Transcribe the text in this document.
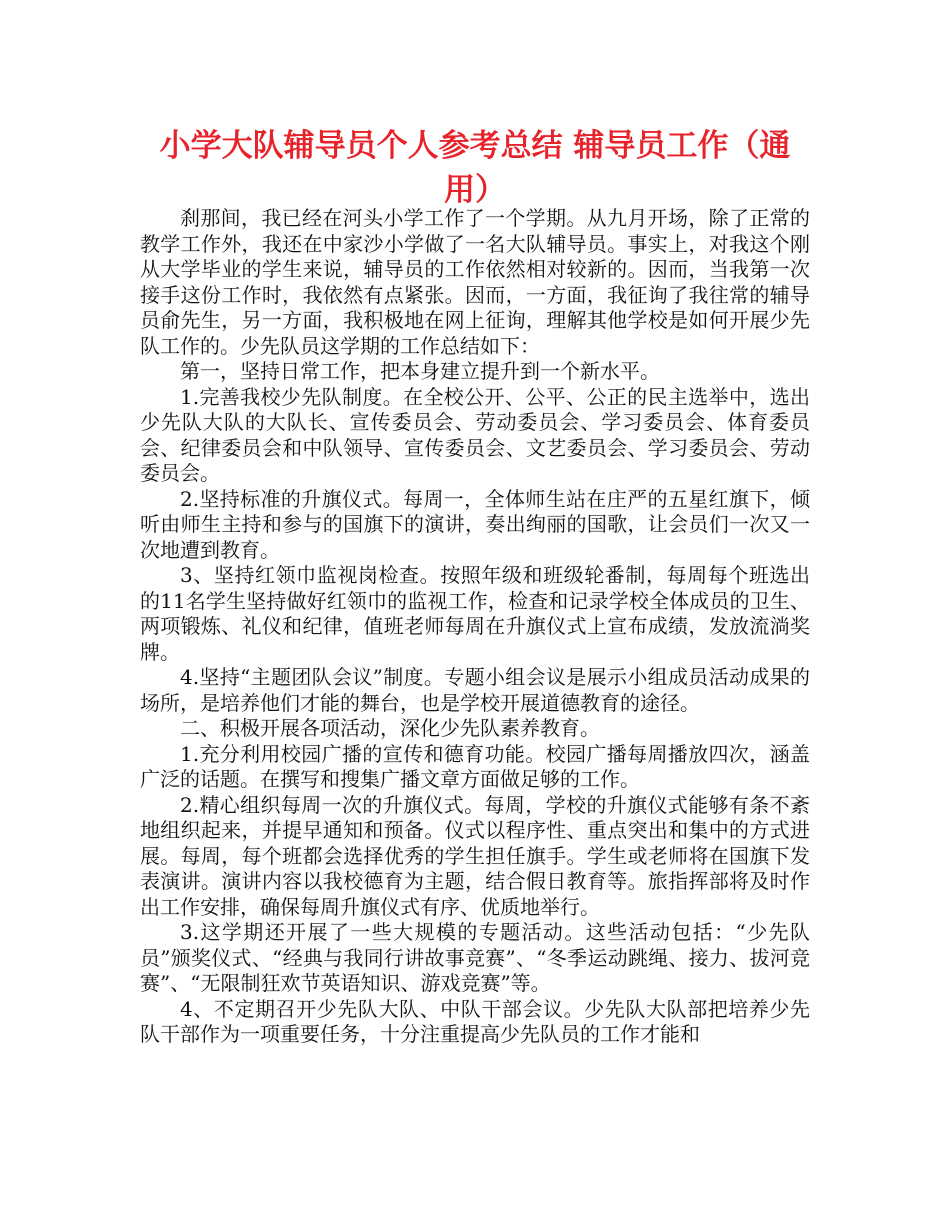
小学大队辅导员个人参考总结 辅导员工作（通用）

刹那间，我已经在河头小学工作了一个学期。从九月开场，除了正常的教学工作外，我还在中家沙小学做了一名大队辅导员。事实上，对我这个刚从大学毕业的学生来说，辅导员的工作依然相对较新的。因而，当我第一次接手这份工作时，我依然有点紧张。因而，一方面，我征询了我往常的辅导员俞先生，另一方面，我积极地在网上征询，理解其他学校是如何开展少先队工作的。少先队员这学期的工作总结如下：

第一，坚持日常工作，把本身建立提升到一个新水平。

1.完善我校少先队制度。在全校公开、公平、公正的民主选举中，选出少先队大队的大队长、宣传委员会、劳动委员会、学习委员会、体育委员会、纪律委员会和中队领导、宣传委员会、文艺委员会、学习委员会、劳动委员会。

2.坚持标准的升旗仪式。每周一，全体师生站在庄严的五星红旗下，倾听由师生主持和参与的国旗下的演讲，奏出绚丽的国歌，让会员们一次又一次地遭到教育。

3、坚持红领巾监视岗检查。按照年级和班级轮番制，每周每个班选出的11名学生坚持做好红领巾的监视工作，检查和记录学校全体成员的卫生、两项锻炼、礼仪和纪律，值班老师每周在升旗仪式上宣布成绩，发放流淌奖牌。

4.坚持“主题团队会议”制度。专题小组会议是展示小组成员活动成果的场所，是培养他们才能的舞台，也是学校开展道德教育的途径。

二、积极开展各项活动，深化少先队素养教育。

1.充分利用校园广播的宣传和德育功能。校园广播每周播放四次，涵盖广泛的话题。在撰写和搜集广播文章方面做足够的工作。

2.精心组织每周一次的升旗仪式。每周，学校的升旗仪式能够有条不紊地组织起来，并提早通知和预备。仪式以程序性、重点突出和集中的方式进展。每周，每个班都会选择优秀的学生担任旗手。学生或老师将在国旗下发表演讲。演讲内容以我校德育为主题，结合假日教育等。旅指挥部将及时作出工作安排，确保每周升旗仪式有序、优质地举行。

3.这学期还开展了一些大规模的专题活动。这些活动包括：“少先队员”颁奖仪式、“经典与我同行讲故事竞赛”、“冬季运动跳绳、接力、拔河竞赛”、“无限制狂欢节英语知识、游戏竞赛”等。

4、不定期召开少先队大队、中队干部会议。少先队大队部把培养少先队干部作为一项重要任务，十分注重提高少先队员的工作才能和
